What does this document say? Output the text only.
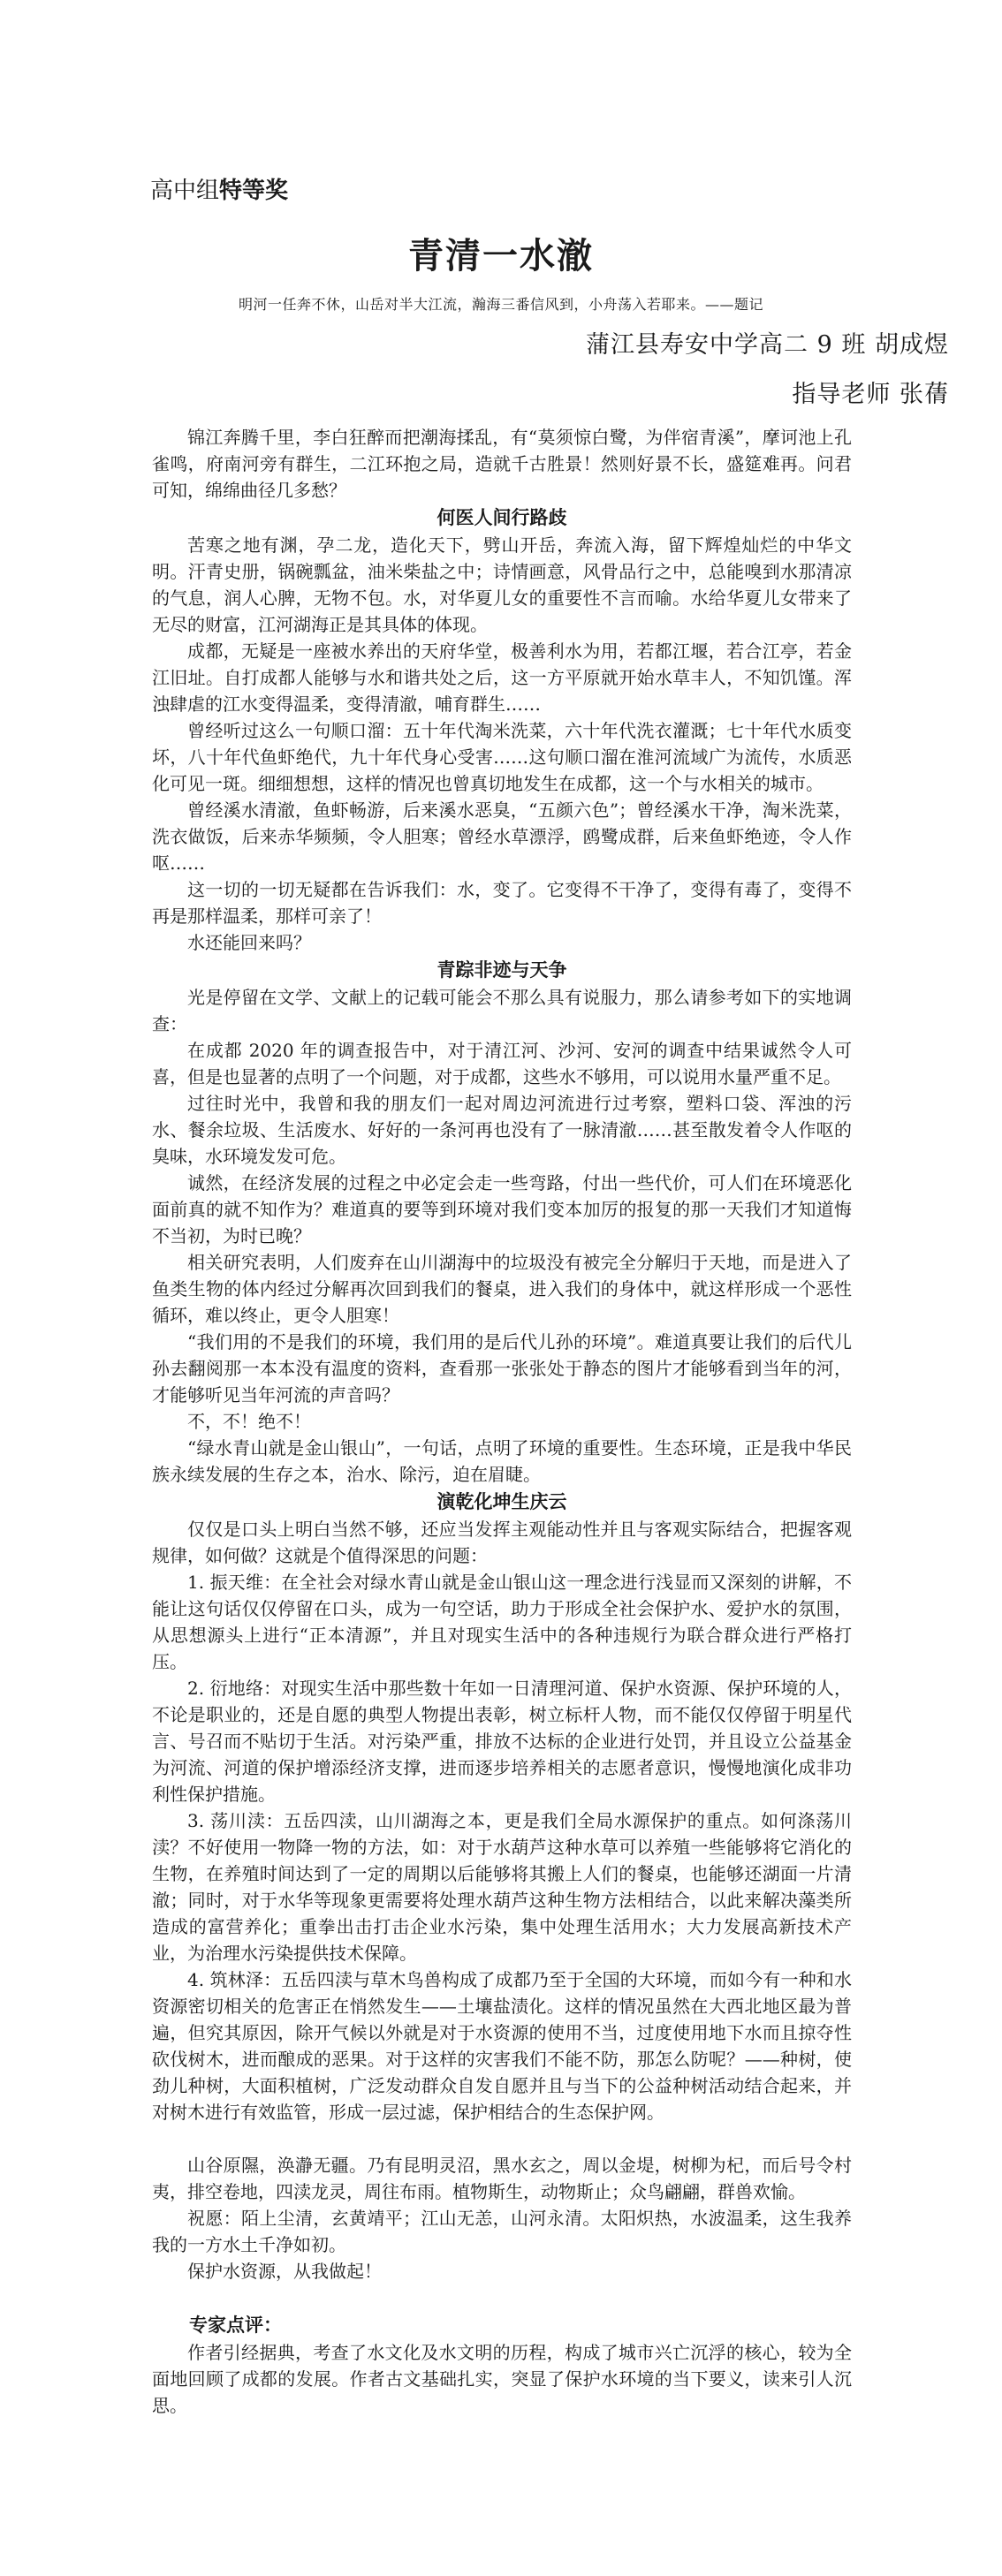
高中组特等奖
青清一水澈
明河一任奔不休，山岳对半大江流，瀚海三番信风到，小舟荡入若耶来。——题记
蒲江县寿安中学高二 9 班 胡成煜
指导老师 张蒨

锦江奔腾千里，李白狂醉而把潮海揉乱，有“莫须惊白鹭，为伴宿青溪”，摩诃池上孔雀鸣，府南河旁有群生，二江环抱之局，造就千古胜景！然则好景不长，盛筵难再。问君可知，绵绵曲径几多愁？

何医人间行路歧

苦寒之地有渊，孕二龙，造化天下，劈山开岳，奔流入海，留下辉煌灿烂的中华文明。汗青史册，锅碗瓢盆，油米柴盐之中；诗情画意，风骨品行之中，总能嗅到水那清凉的气息，润人心脾，无物不包。水，对华夏儿女的重要性不言而喻。水给华夏儿女带来了无尽的财富，江河湖海正是其具体的体现。

成都，无疑是一座被水养出的天府华堂，极善利水为用，若都江堰，若合江亭，若金江旧址。自打成都人能够与水和谐共处之后，这一方平原就开始水草丰人，不知饥馑。浑浊肆虐的江水变得温柔，变得清澈，哺育群生……

曾经听过这么一句顺口溜：五十年代淘米洗菜，六十年代洗衣灌溉；七十年代水质变坏，八十年代鱼虾绝代，九十年代身心受害……这句顺口溜在淮河流域广为流传，水质恶化可见一斑。细细想想，这样的情况也曾真切地发生在成都，这一个与水相关的城市。

曾经溪水清澈，鱼虾畅游，后来溪水恶臭，“五颜六色”；曾经溪水干净，淘米洗菜，洗衣做饭，后来赤华频频，令人胆寒；曾经水草漂浮，鸥鹭成群，后来鱼虾绝迹，令人作呕……

这一切的一切无疑都在告诉我们：水，变了。它变得不干净了，变得有毒了，变得不再是那样温柔，那样可亲了！

水还能回来吗？

青踪非迹与天争

光是停留在文学、文献上的记载可能会不那么具有说服力，那么请参考如下的实地调查：

在成都 2020 年的调查报告中，对于清江河、沙河、安河的调查中结果诚然令人可喜，但是也显著的点明了一个问题，对于成都，这些水不够用，可以说用水量严重不足。

过往时光中，我曾和我的朋友们一起对周边河流进行过考察，塑料口袋、浑浊的污水、餐余垃圾、生活废水、好好的一条河再也没有了一脉清澈……甚至散发着令人作呕的臭味，水环境发发可危。

诚然，在经济发展的过程之中必定会走一些弯路，付出一些代价，可人们在环境恶化面前真的就不知作为？难道真的要等到环境对我们变本加厉的报复的那一天我们才知道悔不当初，为时已晚？

相关研究表明，人们废弃在山川湖海中的垃圾没有被完全分解归于天地，而是进入了鱼类生物的体内经过分解再次回到我们的餐桌，进入我们的身体中，就这样形成一个恶性循环，难以终止，更令人胆寒！

“我们用的不是我们的环境，我们用的是后代儿孙的环境”。难道真要让我们的后代儿孙去翻阅那一本本没有温度的资料，查看那一张张处于静态的图片才能够看到当年的河，才能够听见当年河流的声音吗？

不，不！绝不！

“绿水青山就是金山银山”，一句话，点明了环境的重要性。生态环境，正是我中华民族永续发展的生存之本，治水、除污，迫在眉睫。

演乾化坤生庆云

仅仅是口头上明白当然不够，还应当发挥主观能动性并且与客观实际结合，把握客观规律，如何做？这就是个值得深思的问题：

1. 振天维：在全社会对绿水青山就是金山银山这一理念进行浅显而又深刻的讲解，不能让这句话仅仅停留在口头，成为一句空话，助力于形成全社会保护水、爱护水的氛围，从思想源头上进行“正本清源”，并且对现实生活中的各种违规行为联合群众进行严格打压。

2. 衍地络：对现实生活中那些数十年如一日清理河道、保护水资源、保护环境的人，不论是职业的，还是自愿的典型人物提出表彰，树立标杆人物，而不能仅仅停留于明星代言、号召而不贴切于生活。对污染严重，排放不达标的企业进行处罚，并且设立公益基金为河流、河道的保护增添经济支撑，进而逐步培养相关的志愿者意识，慢慢地演化成非功利性保护措施。

3. 荡川渎：五岳四渎，山川湖海之本，更是我们全局水源保护的重点。如何涤荡川渎？不好使用一物降一物的方法，如：对于水葫芦这种水草可以养殖一些能够将它消化的生物，在养殖时间达到了一定的周期以后能够将其搬上人们的餐桌，也能够还湖面一片清澈；同时，对于水华等现象更需要将处理水葫芦这种生物方法相结合，以此来解决藻类所造成的富营养化；重拳出击打击企业水污染，集中处理生活用水；大力发展高新技术产业，为治理水污染提供技术保障。

4. 筑林泽：五岳四渎与草木鸟兽构成了成都乃至于全国的大环境，而如今有一种和水资源密切相关的危害正在悄然发生——土壤盐渍化。这样的情况虽然在大西北地区最为普遍，但究其原因，除开气候以外就是对于水资源的使用不当，过度使用地下水而且掠夺性砍伐树木，进而酿成的恶果。对于这样的灾害我们不能不防，那怎么防呢？——种树，使劲儿种树，大面积植树，广泛发动群众自发自愿并且与当下的公益种树活动结合起来，并对树木进行有效监管，形成一层过滤，保护相结合的生态保护网。

山谷原隰，涣瀞无疆。乃有昆明灵沼，黑水玄之，周以金堤，树柳为杞，而后号令村夷，排空卷地，四渎龙灵，周往布雨。植物斯生，动物斯止；众鸟翩翩，群兽欢愉。

祝愿：陌上尘清，玄黄靖平；江山无恙，山河永清。太阳炽热，水波温柔，这生我养我的一方水土千净如初。

保护水资源，从我做起！

专家点评：

作者引经据典，考查了水文化及水文明的历程，构成了城市兴亡沉浮的核心，较为全面地回顾了成都的发展。作者古文基础扎实，突显了保护水环境的当下要义，读来引人沉思。
